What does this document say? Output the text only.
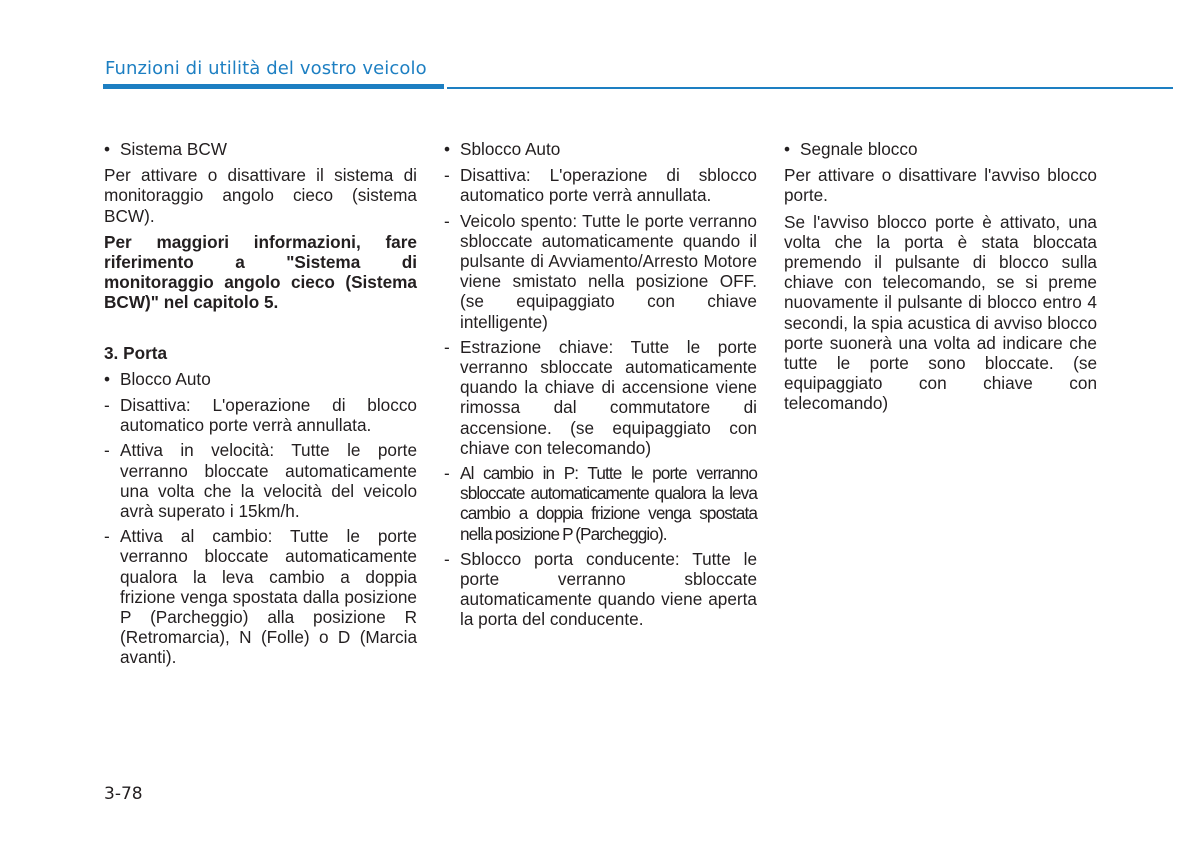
Funzioni di utilità del vostro veicolo
• Sistema BCW

Per attivare o disattivare il sistema di monitoraggio angolo cieco (sistema BCW).

Per maggiori informazioni, fare riferimento a "Sistema di monitoraggio angolo cieco (Sistema BCW)" nel capitolo 5.

3. Porta
• Blocco Auto
- Disattiva: L'operazione di blocco automatico porte verrà annullata.
- Attiva in velocità: Tutte le porte verranno bloccate automaticamente una volta che la velocità del veicolo avrà superato i 15km/h.
- Attiva al cambio: Tutte le porte verranno bloccate automaticamente qualora la leva cambio a doppia frizione venga spostata dalla posizione P (Parcheggio) alla posizione R (Retromarcia), N (Folle) o D (Marcia avanti).
• Sblocco Auto
- Disattiva: L'operazione di sblocco automatico porte verrà annullata.
- Veicolo spento: Tutte le porte verranno sbloccate automaticamente quando il pulsante di Avviamento/Arresto Motore viene smistato nella posizione OFF. (se equipaggiato con chiave intelligente)
- Estrazione chiave: Tutte le porte verranno sbloccate automaticamente quando la chiave di accensione viene rimossa dal commutatore di accensione. (se equipaggiato con chiave con telecomando)
- Al cambio in P: Tutte le porte verranno sbloccate automaticamente qualora la leva cambio a doppia frizione venga spostata nella posizione P (Parcheggio).
- Sblocco porta conducente: Tutte le porte verranno sbloccate automaticamente quando viene aperta la porta del conducente.
• Segnale blocco

Per attivare o disattivare l'avviso blocco porte.

Se l'avviso blocco porte è attivato, una volta che la porta è stata bloccata premendo il pulsante di blocco sulla chiave con telecomando, se si preme nuovamente il pulsante di blocco entro 4 secondi, la spia acustica di avviso blocco porte suonerà una volta ad indicare che tutte le porte sono bloccate. (se equipaggiato con chiave con telecomando)

3-78
